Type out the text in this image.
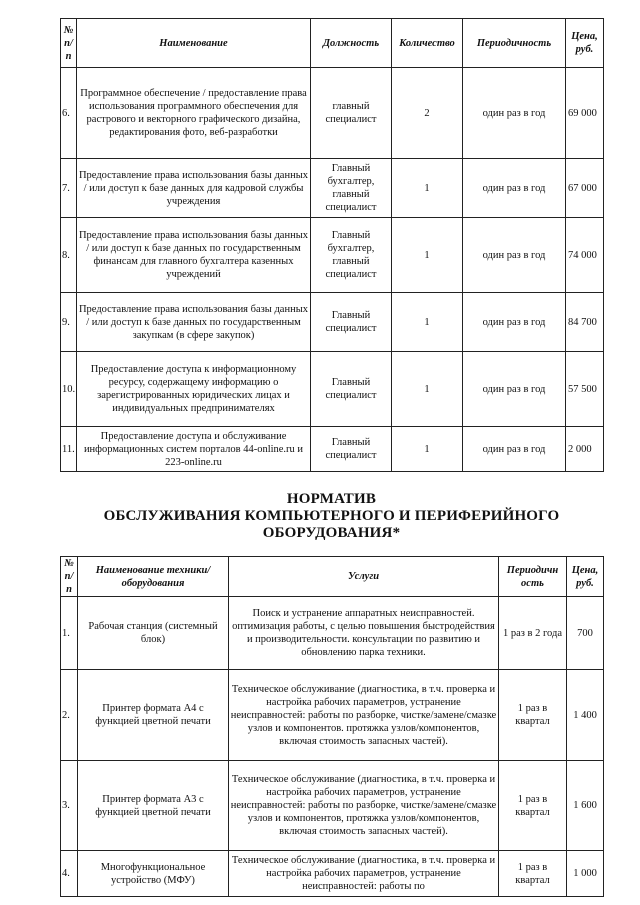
№ п/п	Наименование	Должность	Количество	Периодичность	Цена, руб.
6.	Программное обеспечение / предоставление права использования программного обеспечения для растрового и векторного графического дизайна, редактирования фото, веб-разработки	главный специалист	2	один раз в год	69 000
7.	Предоставление права использования базы данных / или доступ к базе данных для кадровой службы учреждения	Главный бухгалтер, главный специалист	1	один раз в год	67 000
8.	Предоставление права использования базы данных / или доступ к базе данных по государственным финансам для главного бухгалтера казенных учреждений	Главный бухгалтер, главный специалист	1	один раз в год	74 000
9.	Предоставление права использования базы данных / или доступ к базе данных по государственным закупкам (в сфере закупок)	Главный специалист	1	один раз в год	84 700
10.	Предоставление доступа к информационному ресурсу, содержащему информацию о зарегистрированных юридических лицах и индивидуальных предпринимателях	Главный специалист	1	один раз в год	57 500
11.	Предоставление доступа и обслуживание информационных систем порталов 44-online.ru и 223-online.ru	Главный специалист	1	один раз в год	2 000
НОРМАТИВ
ОБСЛУЖИВАНИЯ КОМПЬЮТЕРНОГО И ПЕРИФЕРИЙНОГО
ОБОРУДОВАНИЯ*
№ п/п	Наименование техники/оборудования	Услуги	Периодичн ость	Цена, руб.
1.	Рабочая станция (системный блок)	Поиск и устранение аппаратных неисправностей. оптимизация работы, с целью повышения быстродействия и производительности. консультации по развитию и обновлению парка техники.	1 раз в 2 года	700
2.	Принтер формата А4 с функцией цветной печати	Техническое обслуживание (диагностика, в т.ч. проверка и настройка рабочих параметров, устранение неисправностей: работы по разборке, чистке/замене/смазке узлов и компонентов. протяжка узлов/компонентов, включая стоимость запасных частей).	1 раз в квартал	1 400
3.	Принтер формата А3 с функцией цветной печати	Техническое обслуживание (диагностика, в т.ч. проверка и настройка рабочих параметров, устранение неисправностей: работы по разборке, чистке/замене/смазке узлов и компонентов, протяжка узлов/компонентов, включая стоимость запасных частей).	1 раз в квартал	1 600
4.	Многофункциональное устройство (МФУ)	Техническое обслуживание (диагностика, в т.ч. проверка и настройка рабочих параметров, устранение неисправностей: работы по	1 раз в квартал	1 000
